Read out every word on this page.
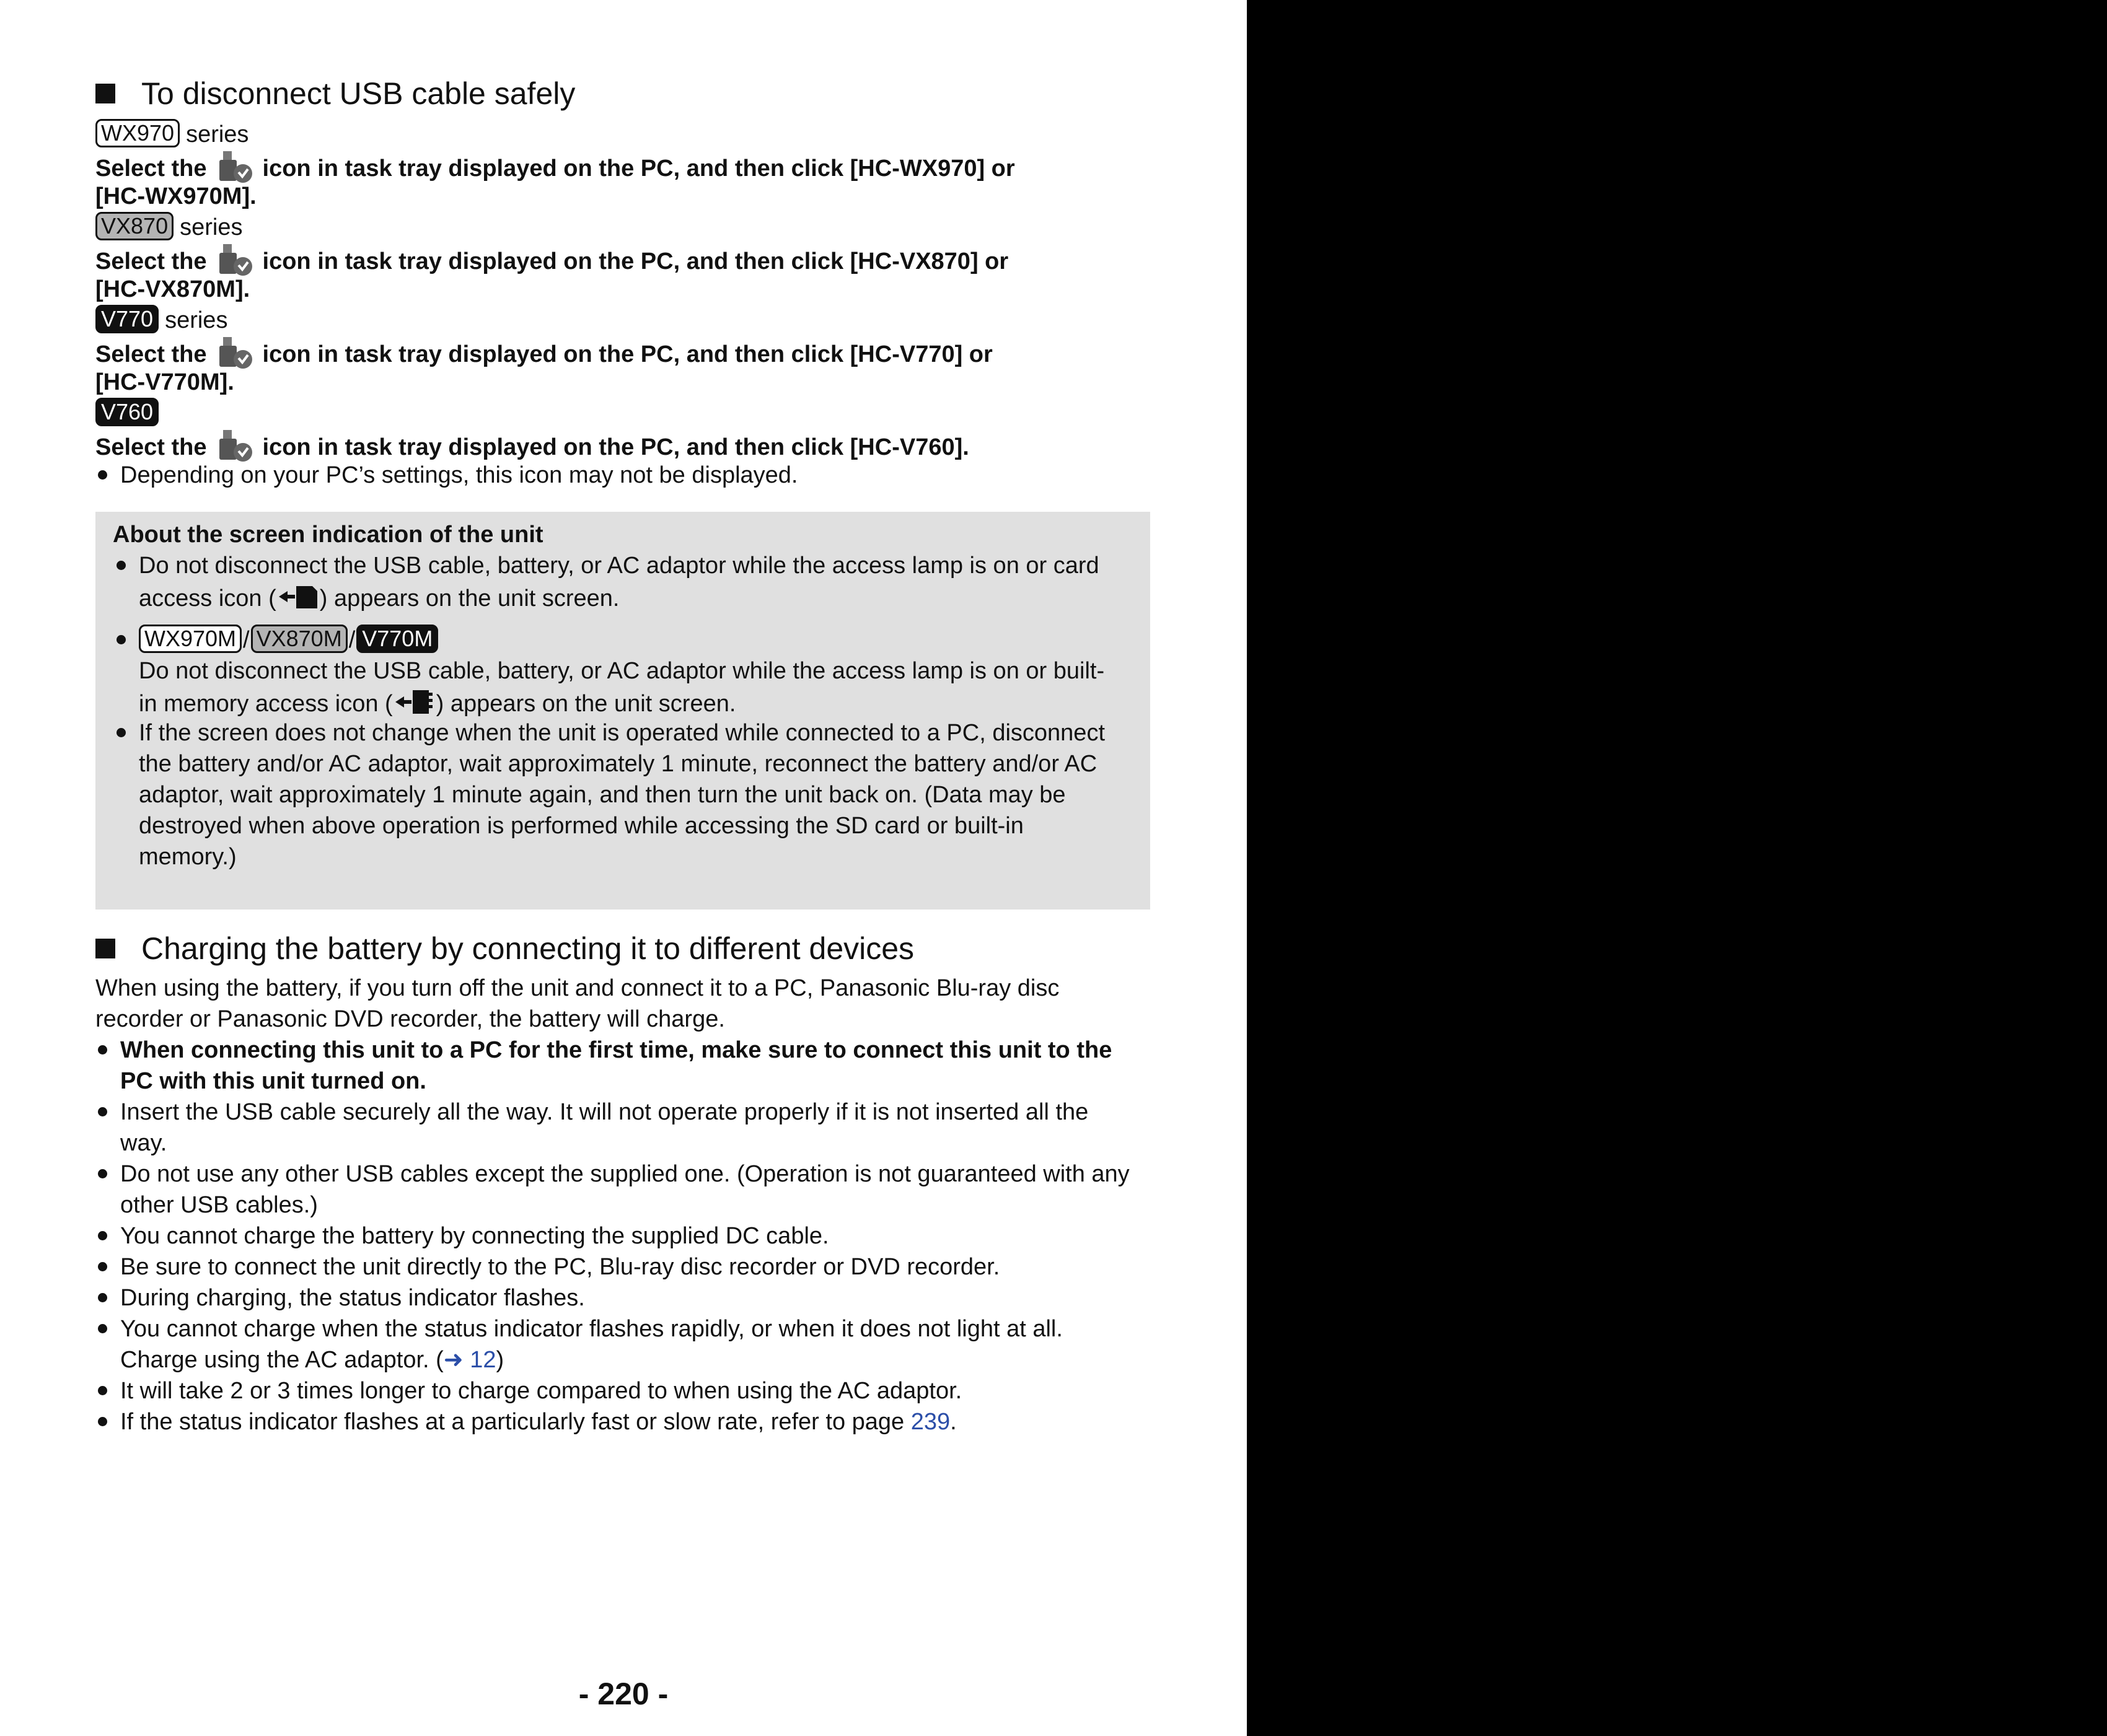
To disconnect USB cable safely
WX970 series
Select the icon in task tray displayed on the PC, and then click [HC-WX970] or
[HC-WX970M].
VX870 series
Select the icon in task tray displayed on the PC, and then click [HC-VX870] or
[HC-VX870M].
V770 series
Select the icon in task tray displayed on the PC, and then click [HC-V770] or
[HC-V770M].
V760
Select the icon in task tray displayed on the PC, and then click [HC-V760].
Depending on your PC’s settings, this icon may not be displayed.
About the screen indication of the unit
Do not disconnect the USB cable, battery, or AC adaptor while the access lamp is on or card
access icon ( ) appears on the unit screen.
WX970M / VX870M / V770M
Do not disconnect the USB cable, battery, or AC adaptor while the access lamp is on or built-
in memory access icon ( ) appears on the unit screen.
If the screen does not change when the unit is operated while connected to a PC, disconnect
the battery and/or AC adaptor, wait approximately 1 minute, reconnect the battery and/or AC
adaptor, wait approximately 1 minute again, and then turn the unit back on. (Data may be
destroyed when above operation is performed while accessing the SD card or built-in
memory.)
Charging the battery by connecting it to different devices
When using the battery, if you turn off the unit and connect it to a PC, Panasonic Blu-ray disc
recorder or Panasonic DVD recorder, the battery will charge.
When connecting this unit to a PC for the first time, make sure to connect this unit to the
PC with this unit turned on.
Insert the USB cable securely all the way. It will not operate properly if it is not inserted all the
way.
Do not use any other USB cables except the supplied one. (Operation is not guaranteed with any
other USB cables.)
You cannot charge the battery by connecting the supplied DC cable.
Be sure to connect the unit directly to the PC, Blu-ray disc recorder or DVD recorder.
During charging, the status indicator flashes.
You cannot charge when the status indicator flashes rapidly, or when it does not light at all.
Charge using the AC adaptor. (➜ 12)
It will take 2 or 3 times longer to charge compared to when using the AC adaptor.
If the status indicator flashes at a particularly fast or slow rate, refer to page 239.
- 220 -
